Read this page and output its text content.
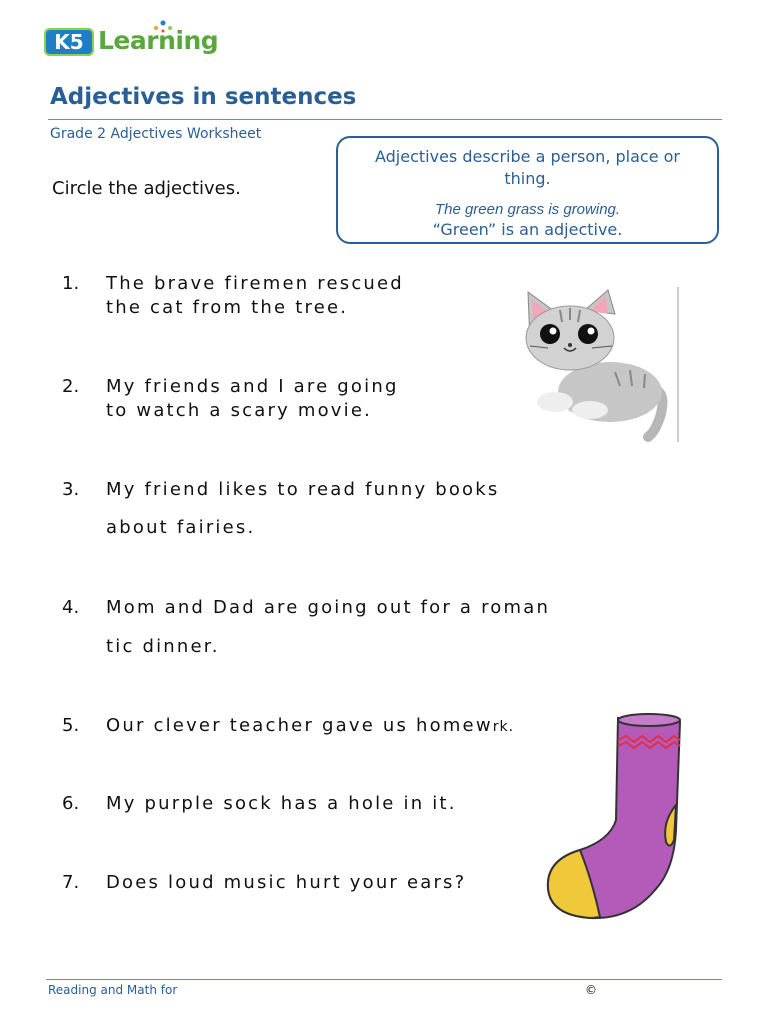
K5 Learning
Adjectives in sentences
Grade 2 Adjectives Worksheet
Circle the adjectives.
Adjectives describe a person, place or thing.
The green grass is growing.
“Green” is an adjective.
1. The brave firemen rescued
the cat from the tree.
2. My friends and I are going
to watch a scary movie.
3. My friend likes to read funny books
about fairies.
4. Mom and Dad are going out for a roman
tic dinner.
5. Our clever teacher gave us homewrk.
6. My purple sock has a hole in it.
7. Does loud music hurt your ears?
Reading and Math for	©
